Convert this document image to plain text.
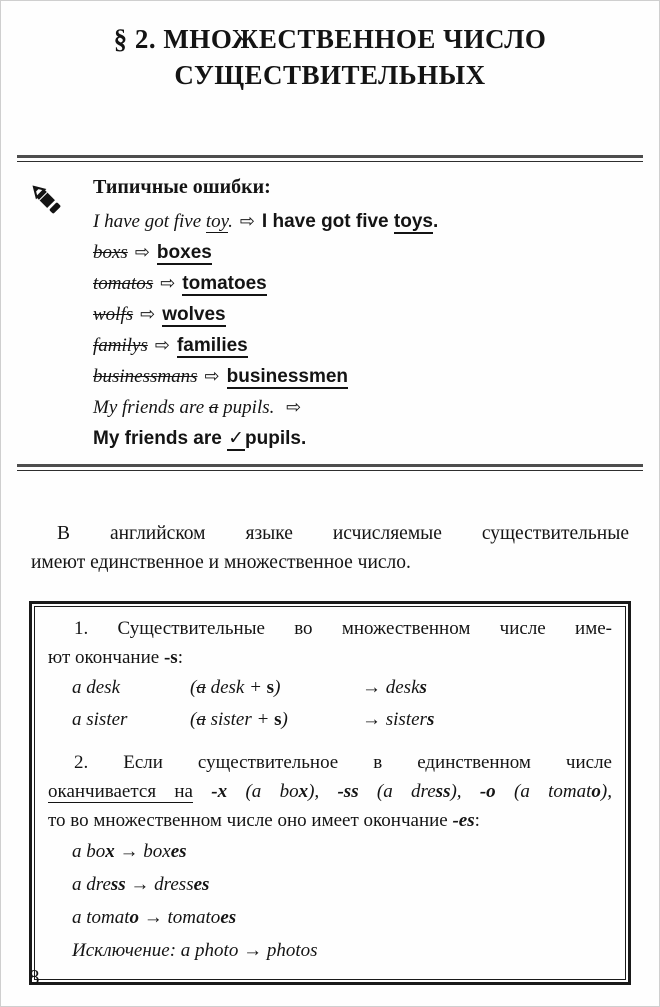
§ 2. МНОЖЕСТВЕННОЕ ЧИСЛО
СУЩЕСТВИТЕЛЬНЫХ
Типичные ошибки:
I have got five toy. ⇨ I have got five toys.
boxs ⇨ boxes
tomatos ⇨ tomatoes
wolfs ⇨ wolves
familys ⇨ families
businessmans ⇨ businessmen
My friends are a pupils. ⇨
My friends are ✓pupils.

В английском языке исчисляемые существительные
имеют единственное и множественное число.

1. Существительные во множественном числе име-
ют окончание -s:
a desk	(a desk + s)	→ desks
a sister	(a sister + s)	→ sisters
2. Если существительное в единственном числе
оканчивается на -x (a box), -ss (a dress), -o (a tomato),
то во множественном числе оно имеет окончание -es:
a box → boxes
a dress → dresses
a tomato → tomatoes
Исключение: a photo → photos
8
